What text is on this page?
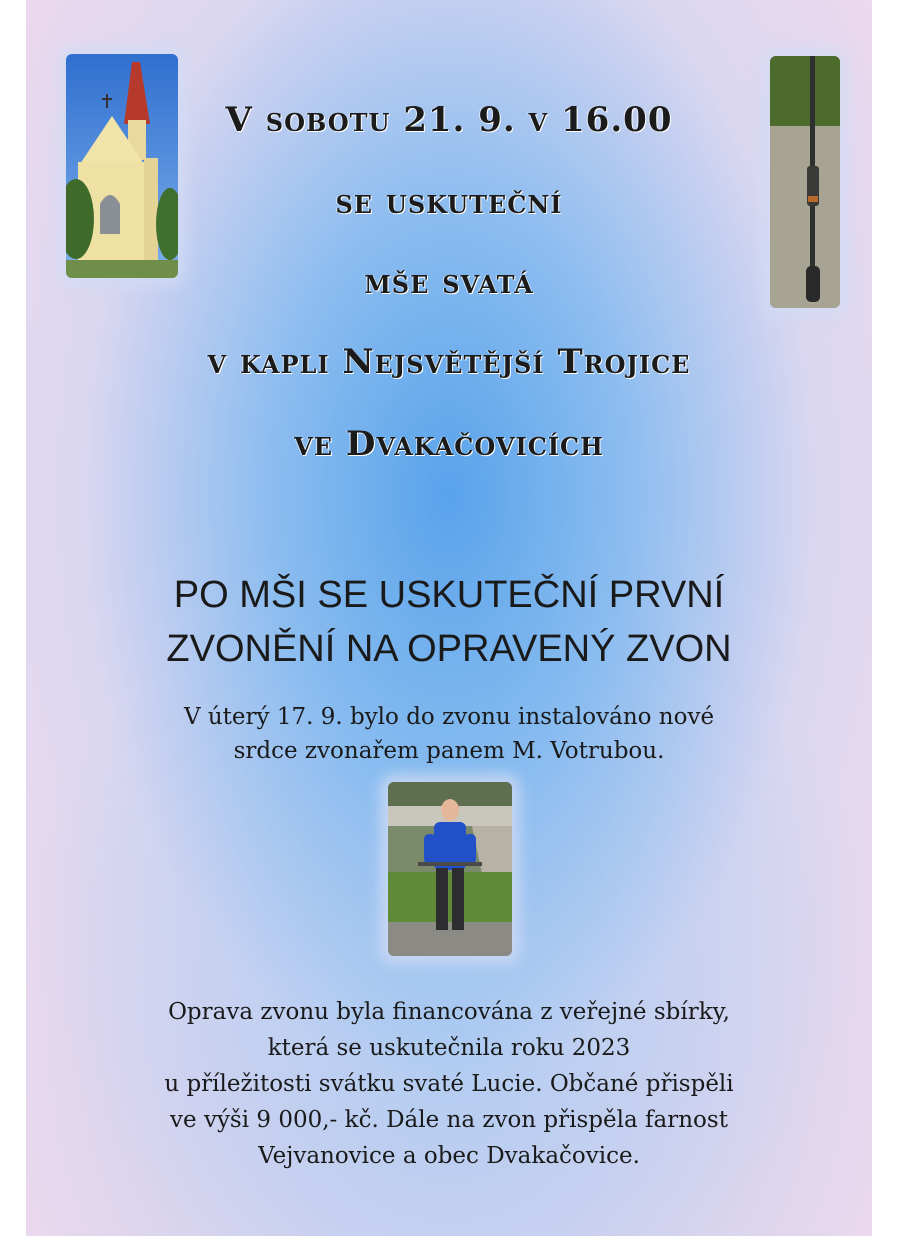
V sobotu 21. 9. v 16.00
se uskuteční
mše svatá
v kapli Nejsvětější Trojice
ve Dvakačovicích
PO MŠI SE USKUTEČNÍ PRVNÍ
ZVONĚNÍ NA OPRAVENÝ ZVON
V úterý 17. 9. bylo do zvonu instalováno nové
srdce zvonařem panem M. Votrubou.
Oprava zvonu byla financována z veřejné sbírky,
která se uskutečnila roku 2023
u příležitosti svátku svaté Lucie. Občané přispěli
ve výši 9 000,- kč. Dále na zvon přispěla farnost
Vejvanovice a obec Dvakačovice.
